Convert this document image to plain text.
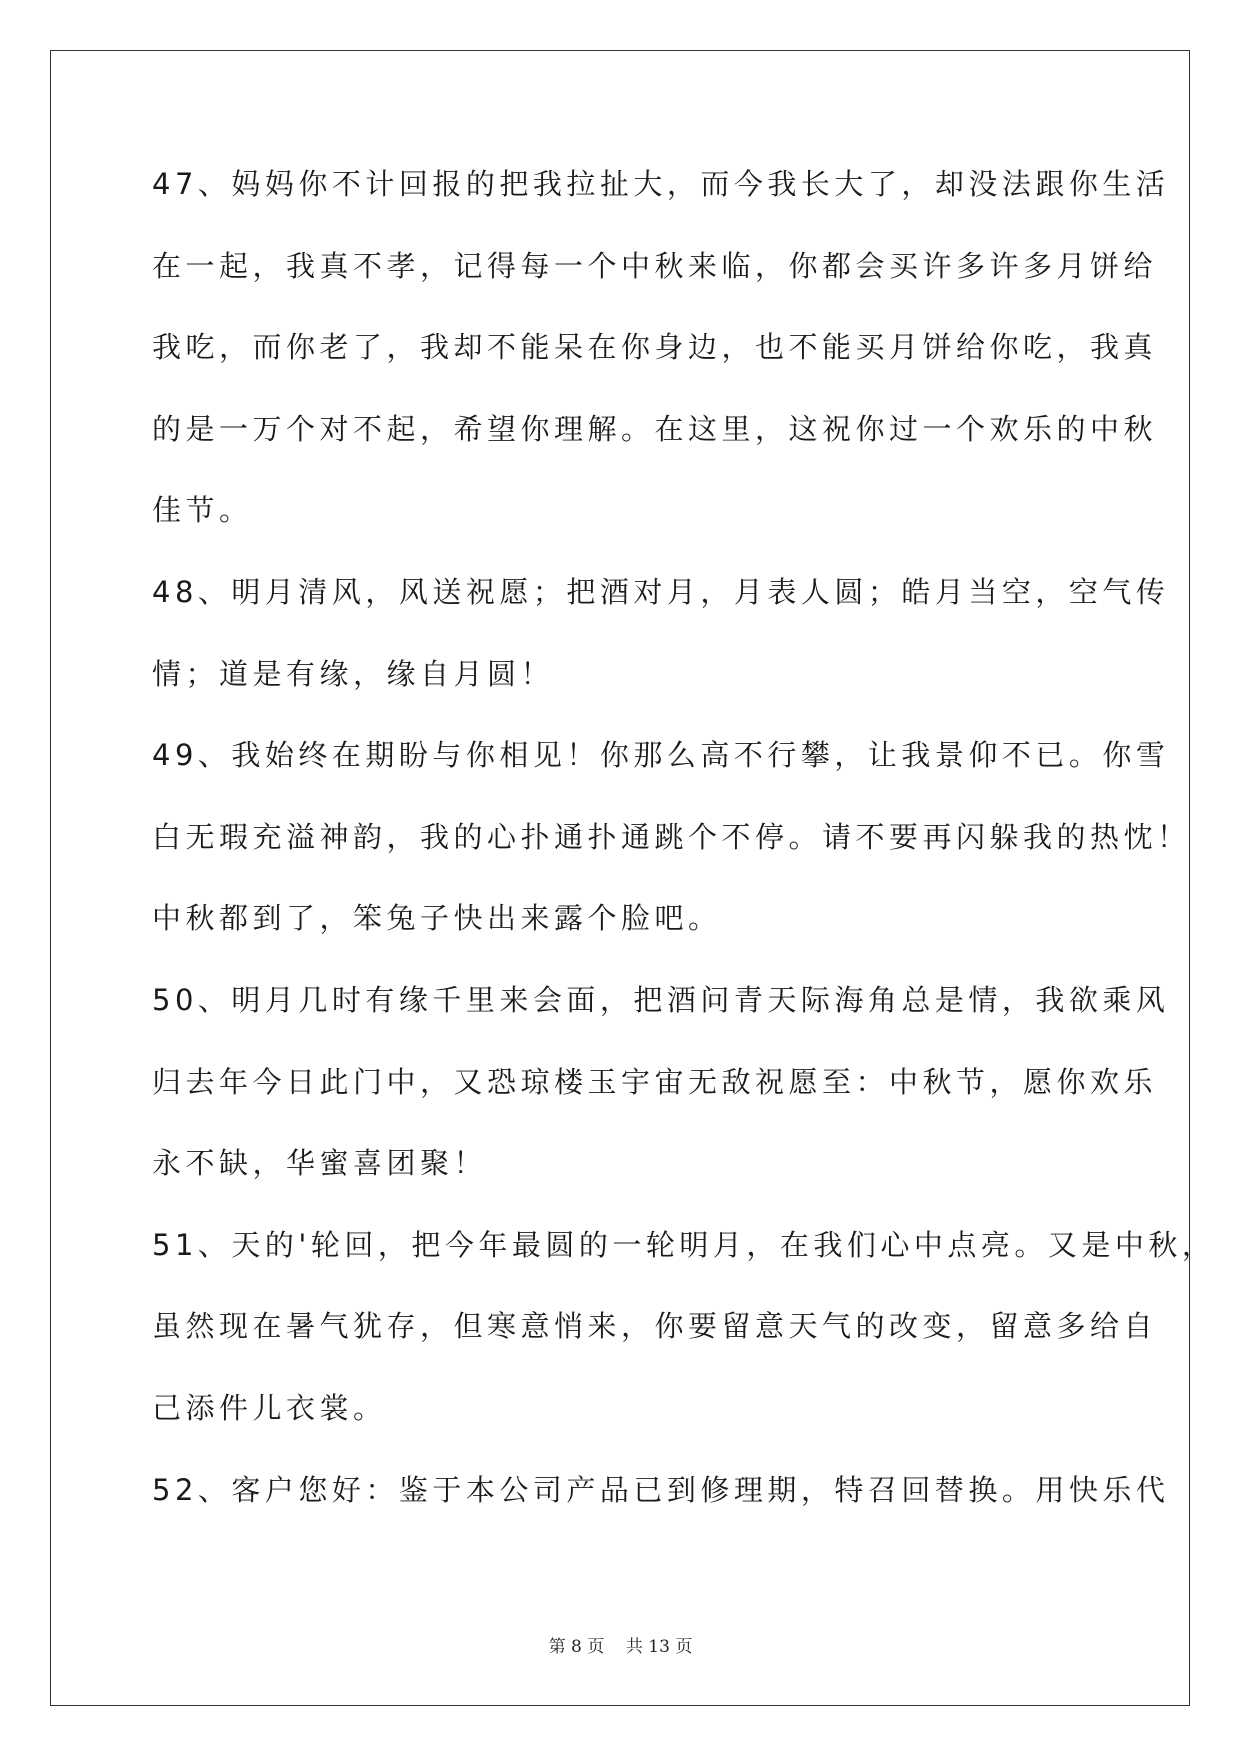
47、妈妈你不计回报的把我拉扯大，而今我长大了，却没法跟你生活
在一起，我真不孝，记得每一个中秋来临，你都会买许多许多月饼给
我吃，而你老了，我却不能呆在你身边，也不能买月饼给你吃，我真
的是一万个对不起，希望你理解。在这里，这祝你过一个欢乐的中秋
佳节。
48、明月清风，风送祝愿；把酒对月，月表人圆；皓月当空，空气传
情；道是有缘，缘自月圆！
49、我始终在期盼与你相见！你那么高不行攀，让我景仰不已。你雪
白无瑕充溢神韵，我的心扑通扑通跳个不停。请不要再闪躲我的热忱！
中秋都到了，笨兔子快出来露个脸吧。
50、明月几时有缘千里来会面，把酒问青天际海角总是情，我欲乘风
归去年今日此门中，又恐琼楼玉宇宙无敌祝愿至：中秋节，愿你欢乐
永不缺，华蜜喜团聚！
51、天的'轮回，把今年最圆的一轮明月，在我们心中点亮。又是中秋，
虽然现在暑气犹存，但寒意悄来，你要留意天气的改变，留意多给自
己添件儿衣裳。
52、客户您好：鉴于本公司产品已到修理期，特召回替换。用快乐代
第 8 页    共 13 页
